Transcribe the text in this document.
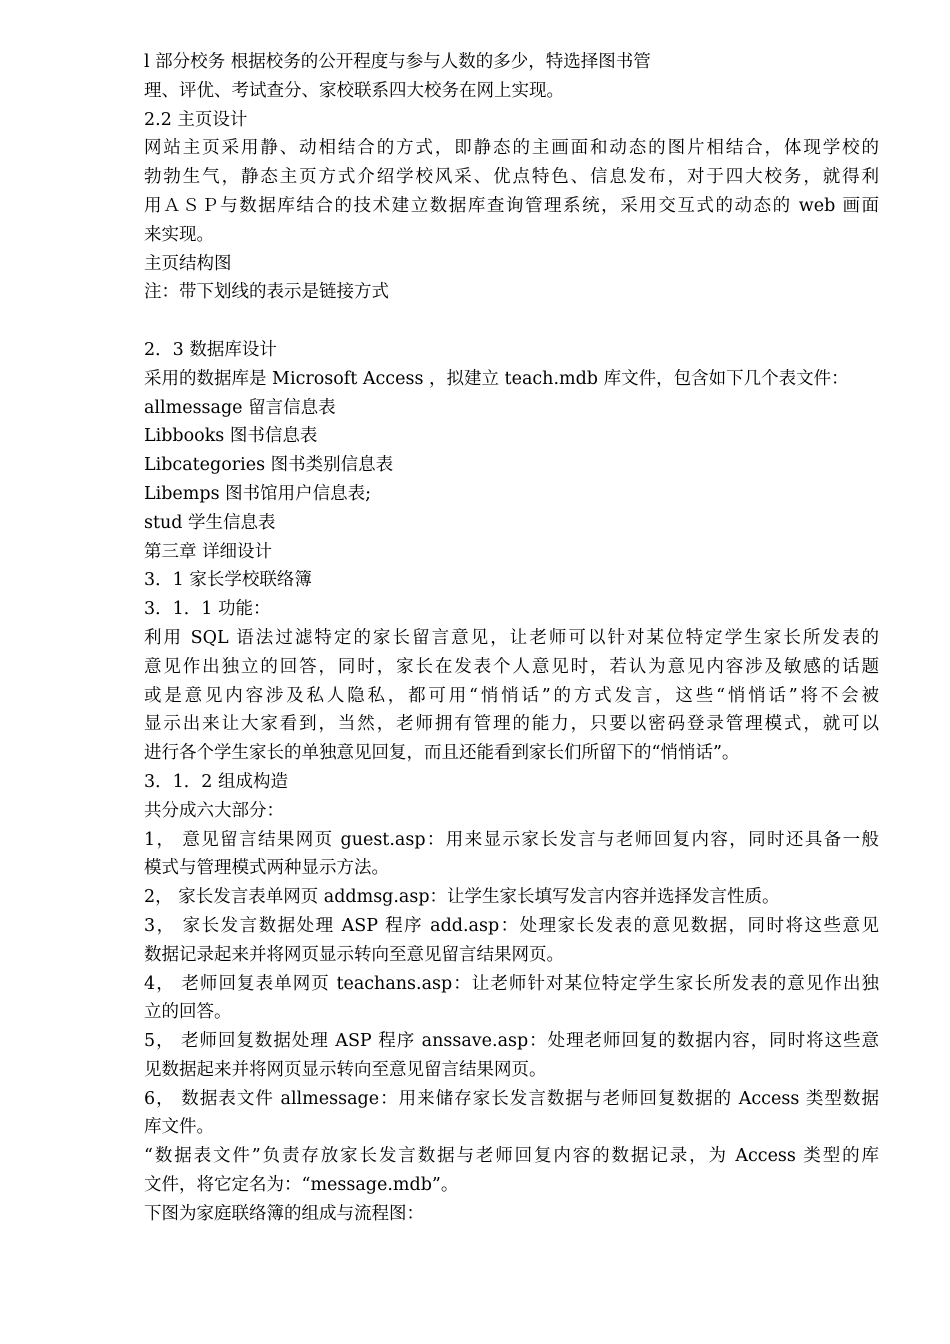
l 部分校务 根据校务的公开程度与参与人数的多少，特选择图书管
理、评优、考试查分、家校联系四大校务在网上实现。
2.2 主页设计
网站主页采用静、动相结合的方式，即静态的主画面和动态的图片相结合，体现学校的
勃勃生气，静态主页方式介绍学校风采、优点特色、信息发布，对于四大校务，就得利
用ＡＳＰ与数据库结合的技术建立数据库查询管理系统，采用交互式的动态的 web 画面
来实现。
主页结构图
注：带下划线的表示是链接方式
2．3 数据库设计
采用的数据库是 Microsoft Access ，拟建立 teach.mdb 库文件，包含如下几个表文件：
allmessage 留言信息表
Libbooks 图书信息表
Libcategories 图书类别信息表
Libemps 图书馆用户信息表;
stud 学生信息表
第三章 详细设计
3．1 家长学校联络簿
3．1．1 功能：
利用 SQL 语法过滤特定的家长留言意见，让老师可以针对某位特定学生家长所发表的
意见作出独立的回答，同时，家长在发表个人意见时，若认为意见内容涉及敏感的话题
或是意见内容涉及私人隐私，都可用“悄悄话”的方式发言，这些“悄悄话”将不会被
显示出来让大家看到，当然，老师拥有管理的能力，只要以密码登录管理模式，就可以
进行各个学生家长的单独意见回复，而且还能看到家长们所留下的“悄悄话”。
3．1．2 组成构造
共分成六大部分：
1， 意见留言结果网页 guest.asp：用来显示家长发言与老师回复内容，同时还具备一般
模式与管理模式两种显示方法。
2， 家长发言表单网页 addmsg.asp：让学生家长填写发言内容并选择发言性质。
3， 家长发言数据处理 ASP 程序 add.asp：处理家长发表的意见数据，同时将这些意见
数据记录起来并将网页显示转向至意见留言结果网页。
4， 老师回复表单网页 teachans.asp：让老师针对某位特定学生家长所发表的意见作出独
立的回答。
5， 老师回复数据处理 ASP 程序 anssave.asp：处理老师回复的数据内容，同时将这些意
见数据起来并将网页显示转向至意见留言结果网页。
6， 数据表文件 allmessage：用来储存家长发言数据与老师回复数据的 Access 类型数据
库文件。
“数据表文件”负责存放家长发言数据与老师回复内容的数据记录，为 Access 类型的库
文件，将它定名为：“message.mdb”。
下图为家庭联络簿的组成与流程图：
